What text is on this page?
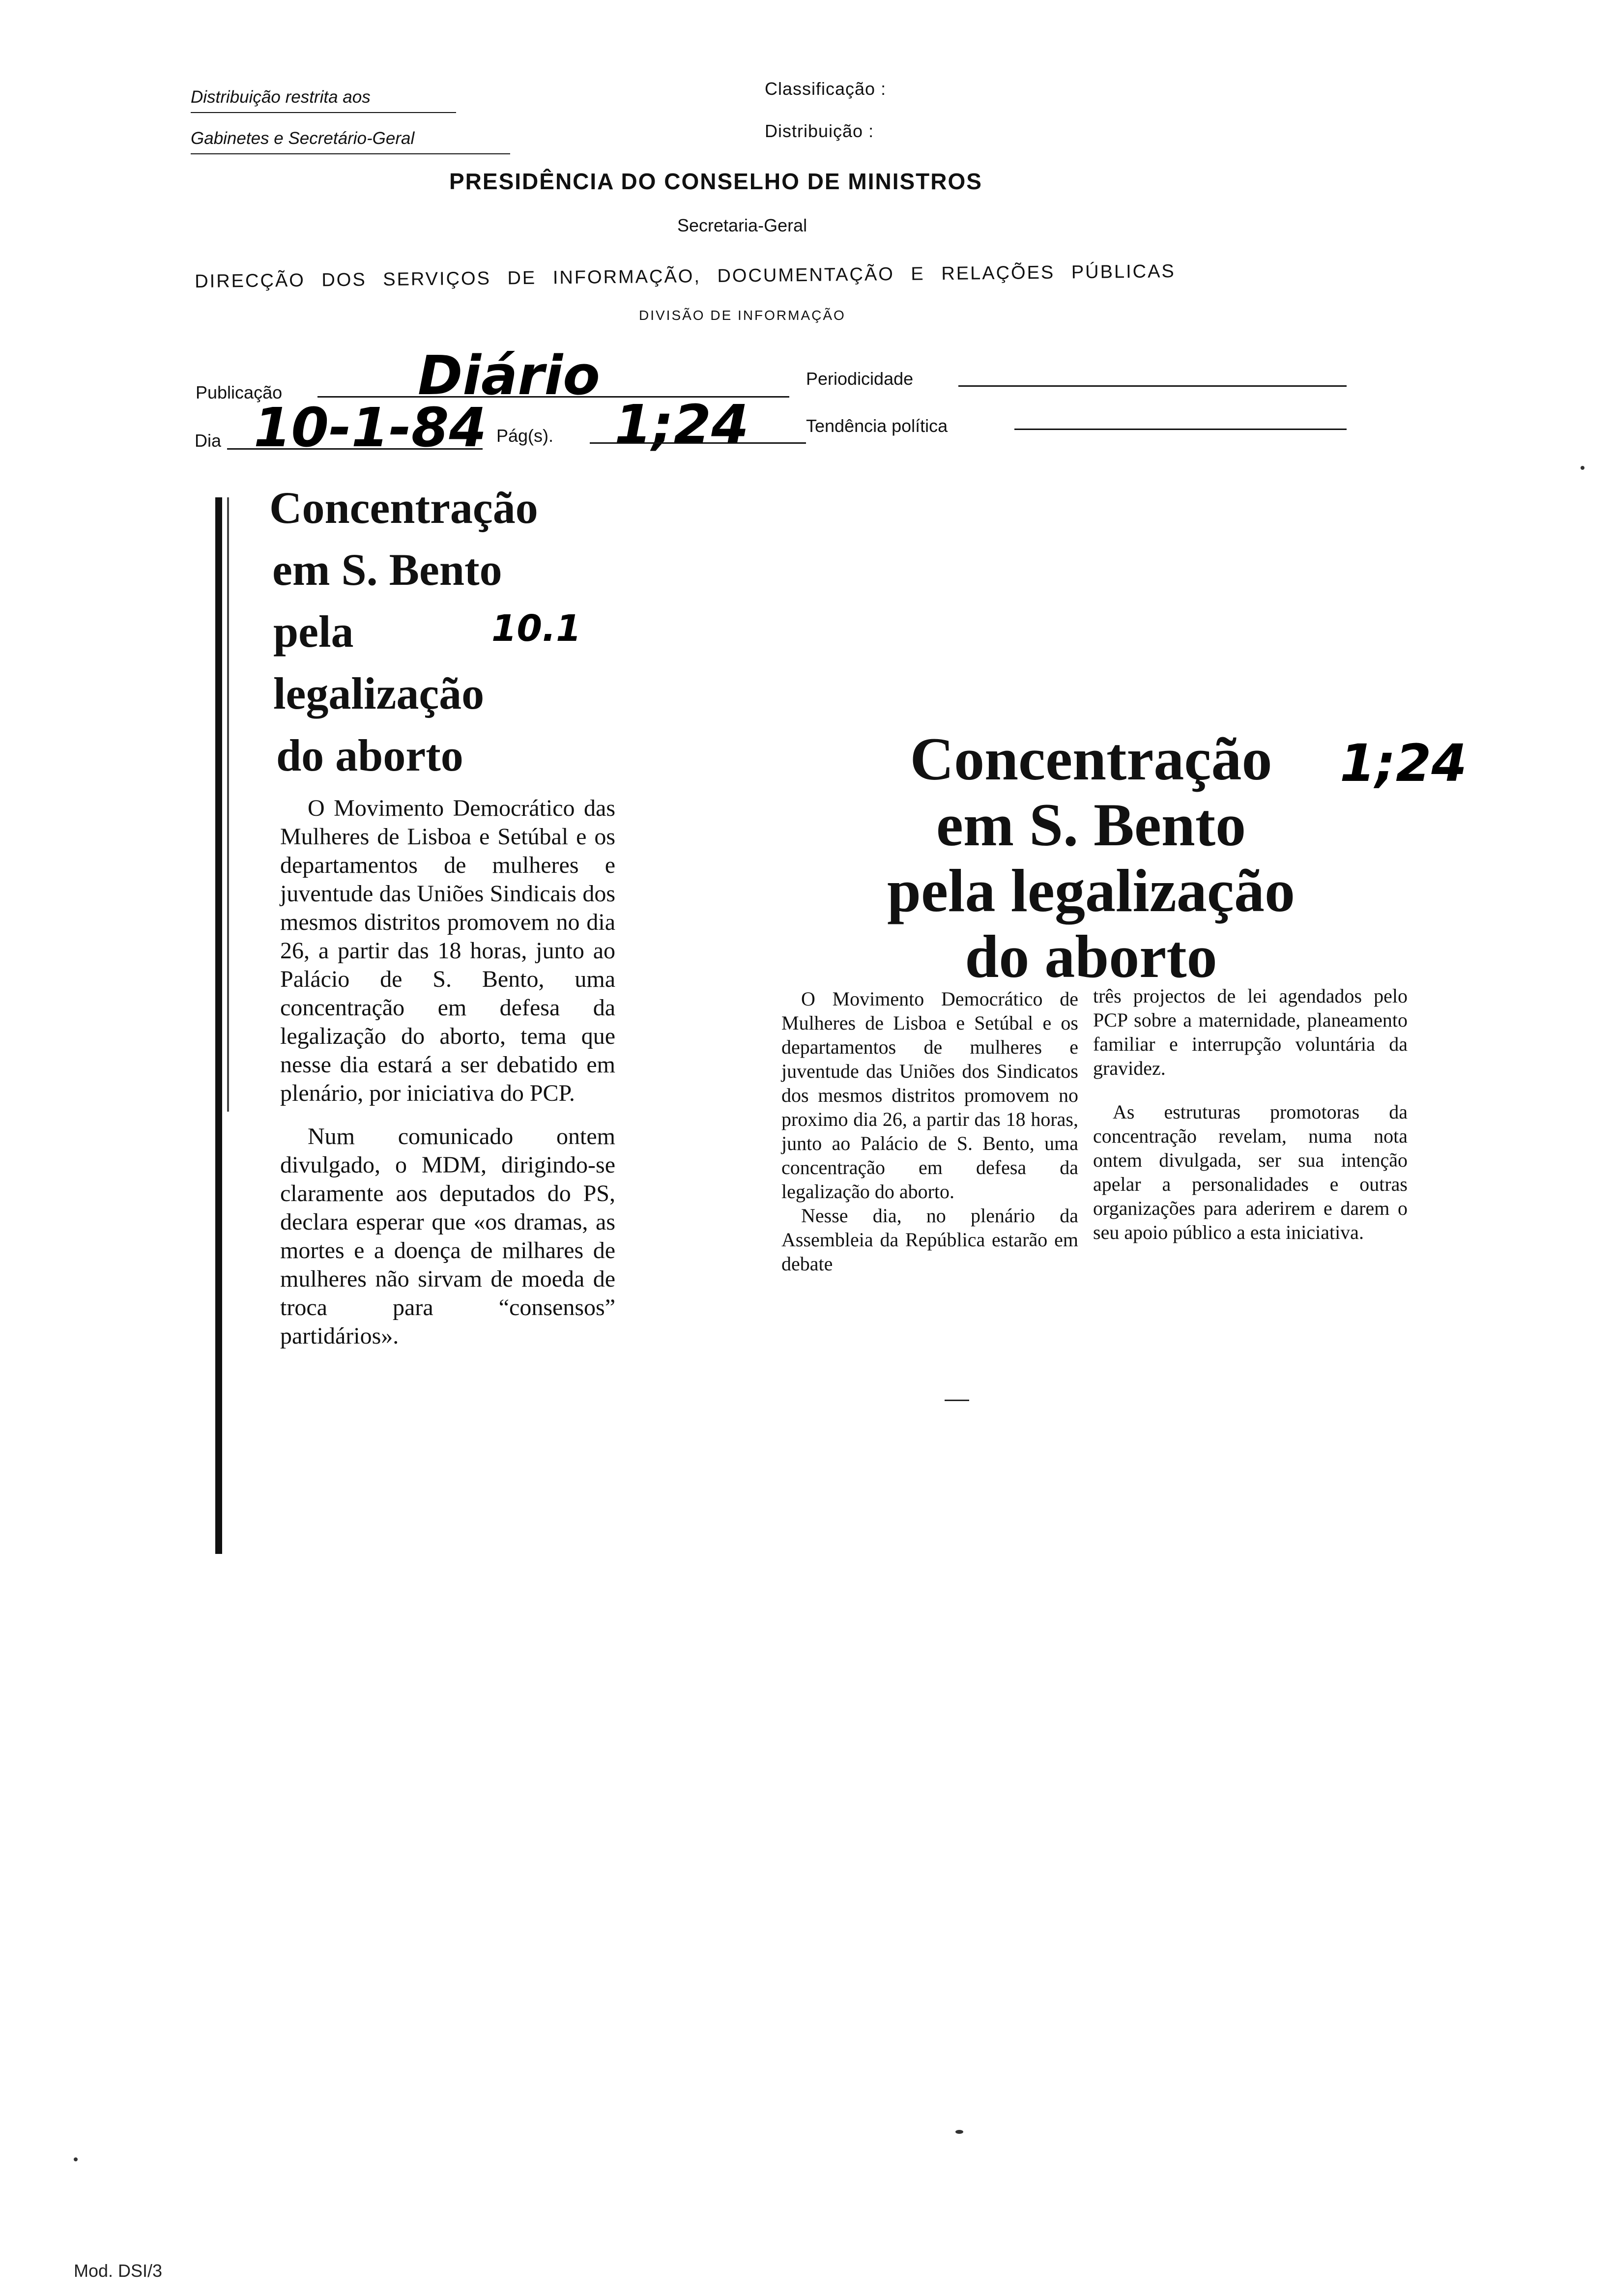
Distribuição restrita aos
Gabinetes e Secretário-Geral
Classificação :
Distribuição :
PRESIDÊNCIA DO CONSELHO DE MINISTROS
Secretaria-Geral
DIRECÇÃO DOS SERVIÇOS DE INFORMAÇÃO, DOCUMENTAÇÃO E RELAÇÕES PÚBLICAS
DIVISÃO DE INFORMAÇÃO
Publicação	Diário	Periodicidade
Dia 10-1-84 Pág(s). 1;24	Tendência política
Concentração
em S. Bento
pela
legalização
do aborto
10.1

O Movimento Democrático das Mulheres de Lisboa e Setúbal e os departamentos de mulheres e juventude das Uniões Sindicais dos mesmos distritos promovem no dia 26, a partir das 18 horas, junto ao Palácio de S. Bento, uma concentração em defesa da legalização do aborto, tema que nesse dia estará a ser debatido em plenário, por iniciativa do PCP.

Num comunicado ontem divulgado, o MDM, dirigindo-se claramente aos deputados do PS, declara esperar que «os dramas, as mortes e a doença de milhares de mulheres não sirvam de moeda de troca para “consensos” partidários».

Concentração
em S. Bento
pela legalização
do aborto
1;24

O Movimento Democrático de Mulheres de Lisboa e Setúbal e os departamentos de mulheres e juventude das Uniões dos Sindicatos dos mesmos distritos promovem no proximo dia 26, a partir das 18 horas, junto ao Palácio de S. Bento, uma concentração em defesa da legalização do aborto.

Nesse dia, no plenário da Assembleia da República estarão em debate

três projectos de lei agendados pelo PCP sobre a maternidade, planeamento familiar e interrupção voluntária da gravidez.

As estruturas promotoras da concentração revelam, numa nota ontem divulgada, ser sua intenção apelar a personalidades e outras organizações para aderirem e darem o seu apoio público a esta iniciativa.

Mod. DSI/3
